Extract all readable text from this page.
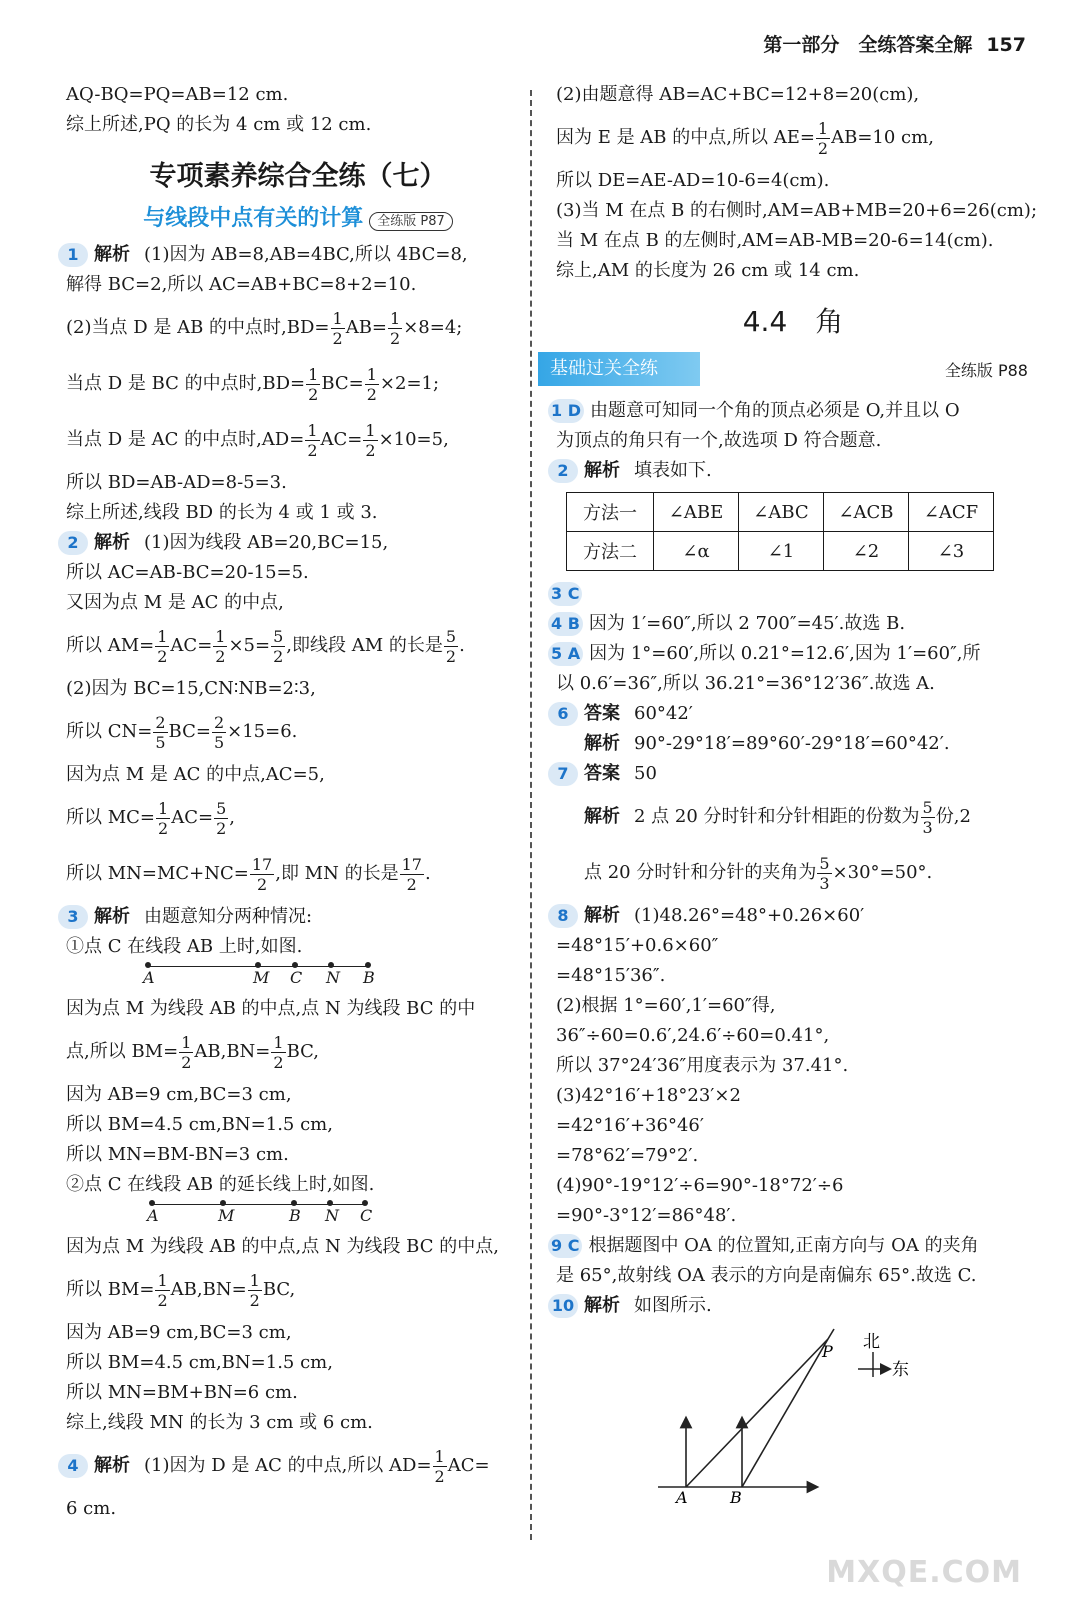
第一部分　全练答案全解 157
AQ-BQ=PQ=AB=12 cm.
综上所述,PQ 的长为 4 cm 或 12 cm.
专项素养综合全练（七）
与线段中点有关的计算 全练版 P87
1 解析 (1)因为 AB=8,AB=4BC,所以 4BC=8,
解得 BC=2,所以 AC=AB+BC=8+2=10.
(2)当点 D 是 AB 的中点时$,BD= \frac{1}{2} AB= \frac{1}{2} \times 8=4$;
当点 D 是 BC 的中点时$,BD= \frac{1}{2} BC= \frac{1}{2} \times 2=1$;
当点 D 是 AC 的中点时$,AD= \frac{1}{2} AC= \frac{1}{2} \times 10=5$,
所以 BD=AB-AD=8-5=3.
综上所述,线段 BD 的长为 4 或 1 或 3.
2 解析 (1)因为线段 AB=20,BC=15,
所以 AC=AB-BC=20-15=5.
又因为点 M 是 AC 的中点,
所以 $AM= \frac{1}{2} AC= \frac{1}{2} \times 5= \frac{5}{2}$ ,即线段 AM 的长是 $\frac{5}{2}$ .
(2)因为 BC=15,CN∶NB=2∶3,
所以 $CN= \frac{2}{5} BC= \frac{2}{5} \times 15=6$.
因为点 M 是 AC 的中点,AC=5,
所以 $MC= \frac{1}{2} AC= \frac{5}{2}$ ,
所以 $MN=MC+NC= \frac{17}{2}$ ,即 MN 的长是 $\frac{17}{2}$ .
3 解析 由题意知分两种情况:
①点 C 在线段 AB 上时,如图.
A	M C N B
因为点 M 为线段 AB 的中点,点 N 为线段 BC 的中
点,所以 $BM= \frac{1}{2} AB,BN= \frac{1}{2}$ BC,
因为 AB=9 cm,BC=3 cm,
所以 BM=4.5 cm,BN=1.5 cm,
所以 MN=BM-BN=3 cm.
②点 C 在线段 AB 的延长线上时,如图.
A	M	B N C
因为点 M 为线段 AB 的中点,点 N 为线段 BC 的中点,
所以 $BM= \frac{1}{2} AB,BN= \frac{1}{2}$ BC,
因为 AB=9 cm,BC=3 cm,
所以 BM=4.5 cm,BN=1.5 cm,
所以 MN=BM+BN=6 cm.
综上,线段 MN 的长为 3 cm 或 6 cm.
4 解析 (1)因为 D 是 AC 的中点,所以 $AD= \frac{1}{2} AC=$
6 cm.
(2)由题意得 AB=AC+BC=12+8=20(cm),
因为 E 是 AB 的中点,所以 $AE= \frac{1}{2} AB=10$ cm,
所以 DE=AE-AD=10-6=4(cm).
(3)当 M 在点 B 的右侧时,AM=AB+MB=20+6=26(cm);
当 M 在点 B 的左侧时,AM=AB-MB=20-6=14(cm).
综上,AM 的长度为 26 cm 或 14 cm.
4.4　角
基础过关全练	全练版 P88
1 D 由题意可知同一个角的顶点必须是 O,并且以 O
为顶点的角只有一个,故选项 D 符合题意.
2 解析 填表如下.
方法一	∠ABE	∠ABC	∠ACB	∠ACF
方法二	∠α	∠1	∠2	∠3
3 C
4 B 因为 1′=60″,所以 2 700″=45′.故选 B.
5 A 因为 1°=60′,所以 0.21°=12.6′,因为 1′=60″,所
以 0.6′=36″,所以 36.21°=36°12′36″.故选 A.
6 答案 60°42′
解析 90°-29°18′=89°60′-29°18′=60°42′.
7 答案 50
解析 2 点 20 分时针和分针相距的份数为 $\frac{5}{3}$ 份,2
点 20 分时针和分针的夹角为 $\frac{5}{3} \times 30^\circ=50^\circ$.
8 解析 (1)48.26°=48°+0.26×60′
=48°15′+0.6×60″
=48°15′36″.
(2)根据 1°=60′,1′=60″得,
36″÷60=0.6′,24.6′÷60=0.41°,
所以 37°24′36″用度表示为 37.41°.
(3)42°16′+18°23′×2
=42°16′+36°46′
=78°62′=79°2′.
(4)90°-19°12′÷6=90°-18°72′÷6
=90°-3°12′=86°48′.
9 C 根据题图中 OA 的位置知,正南方向与 OA 的夹角
是 65°,故射线 OA 表示的方向是南偏东 65°.故选 C.
10 解析 如图所示.
P
A	B
北
东
MXQE.COM
